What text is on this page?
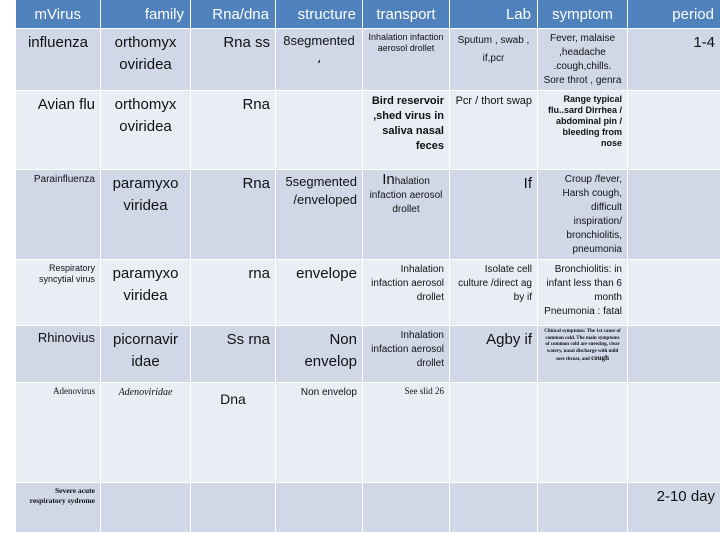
mVirus	family	Rna/dna	structure	transport	Lab	symptom	period
influenza	orthomyx oviridea	Rna ss	8segmented ،	Inhalation infaction aerosol drollet	Sputum , swab , if,pcr	Fever, malaise ,headache .cough,chills. Sore throt , genra	1-4
Avian flu	orthomyx oviridea	Rna		Bird reservoir ,shed virus in saliva nasal feces	Pcr / thort swap	Range typical flu..sard Dirrhea / abdominal pin / bleeding from nose	
Parainfluenza	paramyxo viridea	Rna	5segmented /enveloped	Inhalation infaction aerosol drollet	If	Croup /fever, Harsh cough, difficult inspiration/ bronchiolitis, pneumonia	
Respiratory syncytial virus	paramyxo viridea	rna	envelope	Inhalation infaction aerosol drollet	Isolate cell culture /direct ag by if	Bronchiolitis: in infant less than 6 month Pneumonia : fatal	
Rhinovius	picornavir idae	Ss rna	Non envelop	Inhalation infaction aerosol drollet	Agby if	Clinical symptoms: The 1st cause of common cold. The main symptoms of common cold are sneezing, clear watery, nasal discharge with mild sore throat, and cough	
Adenovirus	Adenoviridae	Dna	Non envelop	See slid 26			
Severe acute respiratory sydrome							2-10 day
